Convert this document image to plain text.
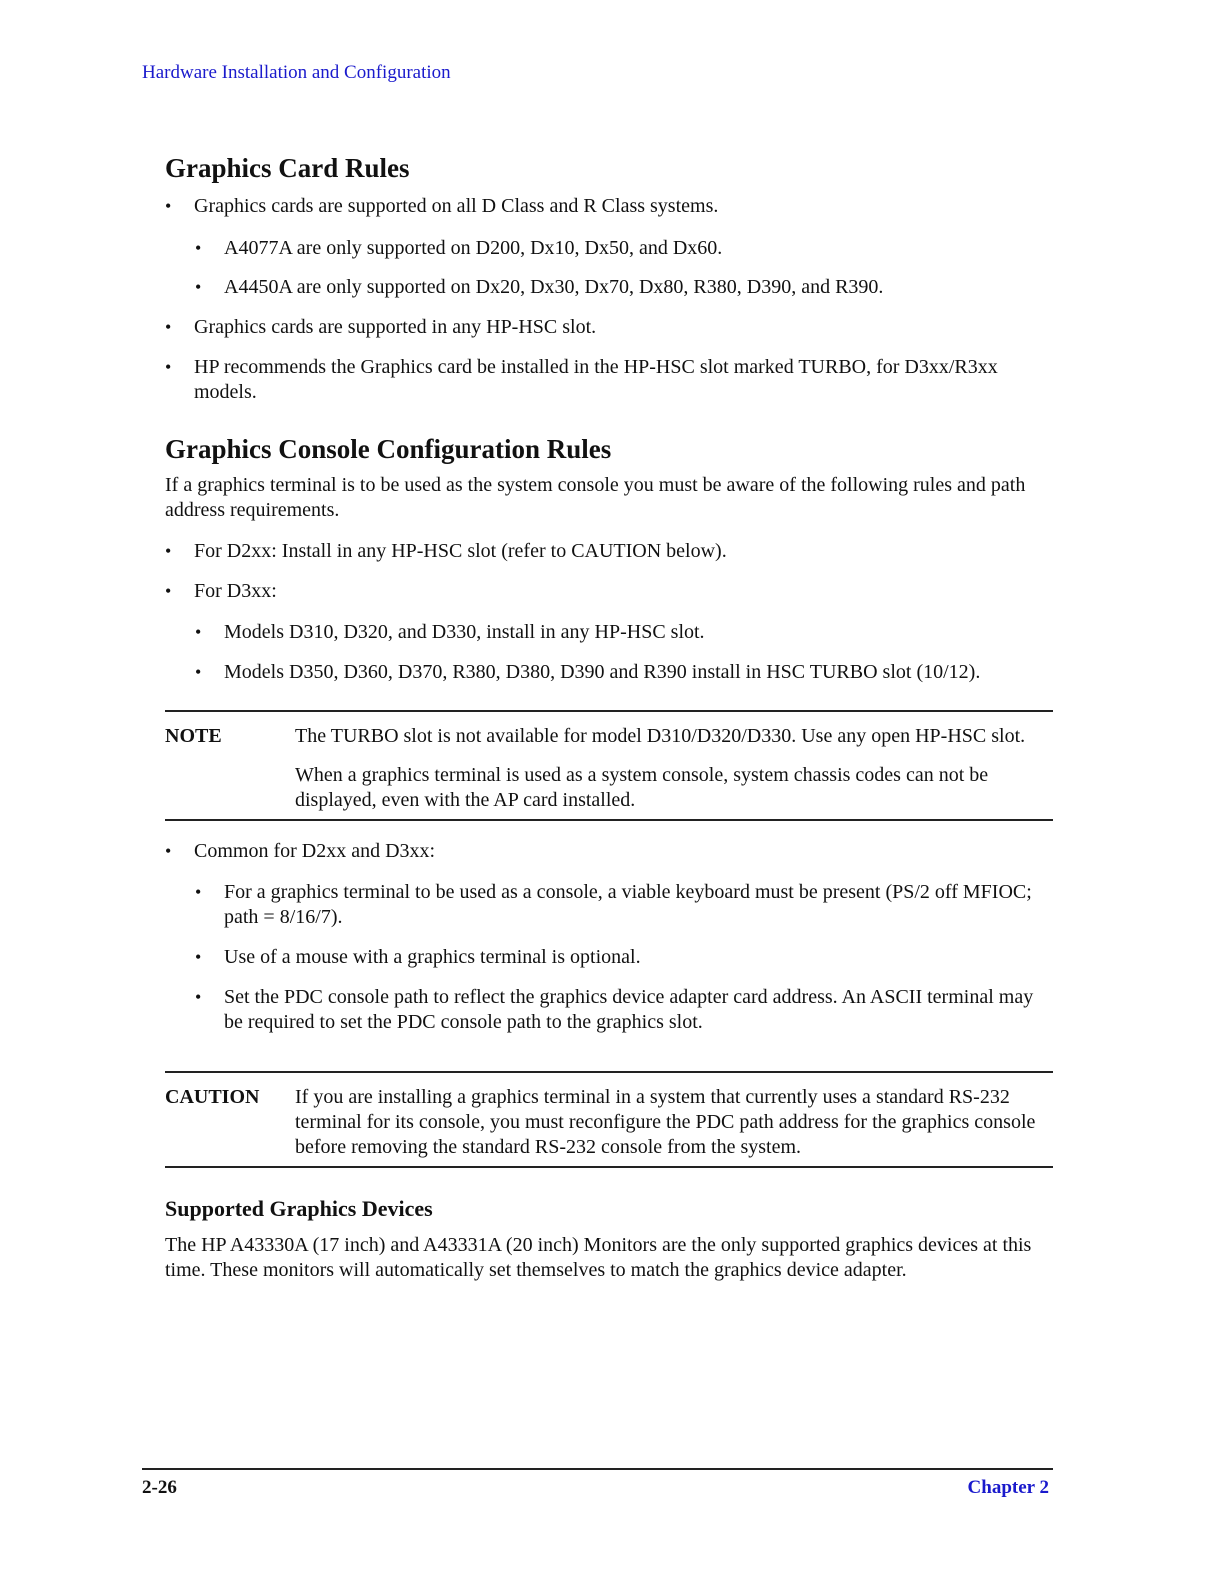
Hardware Installation and Configuration
Graphics Card Rules
• Graphics cards are supported on all D Class and R Class systems.
• A4077A are only supported on D200, Dx10, Dx50, and Dx60.
• A4450A are only supported on Dx20, Dx30, Dx70, Dx80, R380, D390, and R390.
• Graphics cards are supported in any HP-HSC slot.
• HP recommends the Graphics card be installed in the HP-HSC slot marked TURBO, for D3xx/R3xx models.
Graphics Console Configuration Rules

If a graphics terminal is to be used as the system console you must be aware of the following rules and path address requirements.

• For D2xx: Install in any HP-HSC slot (refer to CAUTION below).
• For D3xx:
• Models D310, D320, and D330, install in any HP-HSC slot.
• Models D350, D360, D370, R380, D380, D390 and R390 install in HSC TURBO slot (10/12).
NOTE	The TURBO slot is not available for model D310/D320/D330. Use any open HP-HSC slot.

When a graphics terminal is used as a system console, system chassis codes can not be displayed, even with the AP card installed.

• Common for D2xx and D3xx:
• For a graphics terminal to be used as a console, a viable keyboard must be present (PS/2 off MFIOC; path = 8/16/7).
• Use of a mouse with a graphics terminal is optional.
• Set the PDC console path to reflect the graphics device adapter card address. An ASCII terminal may be required to set the PDC console path to the graphics slot.
CAUTION If you are installing a graphics terminal in a system that currently uses a standard RS-232 terminal for its console, you must reconfigure the PDC path address for the graphics console before removing the standard RS-232 console from the system.

Supported Graphics Devices

The HP A43330A (17 inch) and A43331A (20 inch) Monitors are the only supported graphics devices at this time. These monitors will automatically set themselves to match the graphics device adapter.

2-26	Chapter 2
